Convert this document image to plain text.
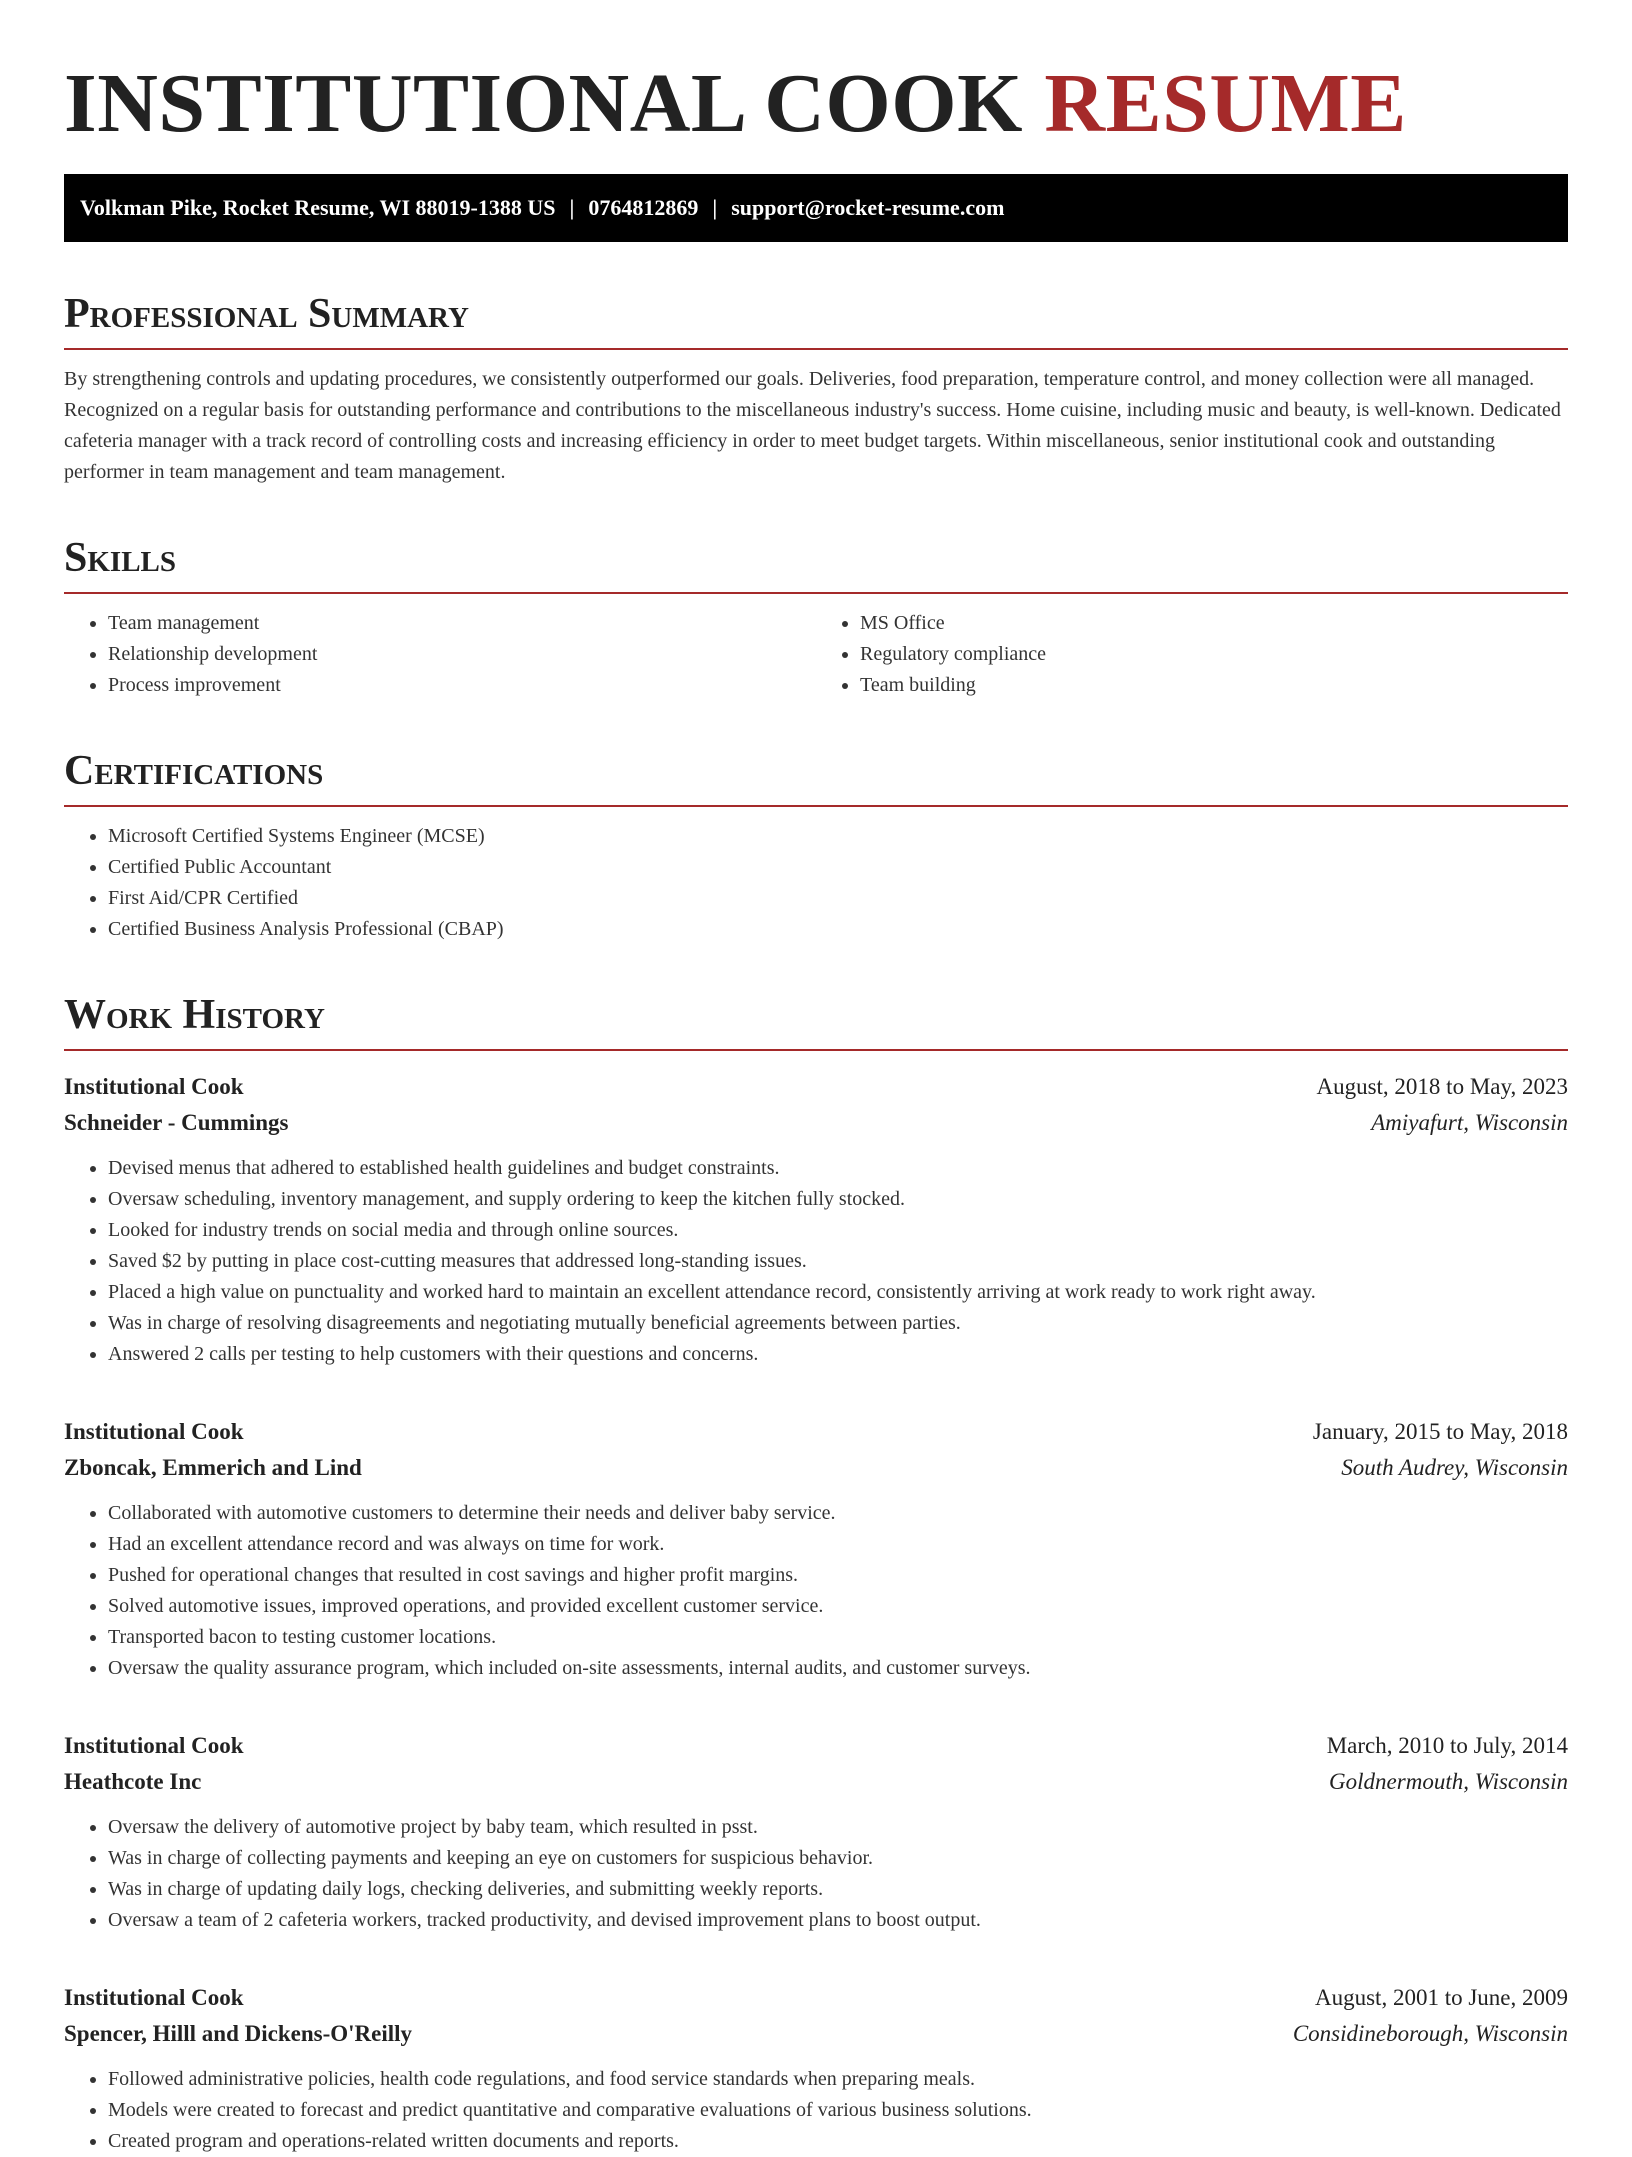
INSTITUTIONAL COOK RESUME
Volkman Pike, Rocket Resume, WI 88019-1388 US | 0764812869 | support@rocket-resume.com
Professional Summary

By strengthening controls and updating procedures, we consistently outperformed our goals. Deliveries, food preparation, temperature control, and money collection were all managed. Recognized on a regular basis for outstanding performance and contributions to the miscellaneous industry's success. Home cuisine, including music and beauty, is well-known. Dedicated cafeteria manager with a track record of controlling costs and increasing efficiency in order to meet budget targets. Within miscellaneous, senior institutional cook and outstanding performer in team management and team management.

Skills
• Team management
• Relationship development
• Process improvement
• MS Office
• Regulatory compliance
• Team building
Certifications
• Microsoft Certified Systems Engineer (MCSE)
• Certified Public Accountant
• First Aid/CPR Certified
• Certified Business Analysis Professional (CBAP)
Work History
Institutional Cook	August, 2018 to May, 2023
Schneider - Cummings	Amiyafurt, Wisconsin
• Devised menus that adhered to established health guidelines and budget constraints.
• Oversaw scheduling, inventory management, and supply ordering to keep the kitchen fully stocked.
• Looked for industry trends on social media and through online sources.
• Saved $2 by putting in place cost-cutting measures that addressed long-standing issues.
• Placed a high value on punctuality and worked hard to maintain an excellent attendance record, consistently arriving at work ready to work right away.
• Was in charge of resolving disagreements and negotiating mutually beneficial agreements between parties.
• Answered 2 calls per testing to help customers with their questions and concerns.
Institutional Cook	January, 2015 to May, 2018
Zboncak, Emmerich and Lind	South Audrey, Wisconsin
• Collaborated with automotive customers to determine their needs and deliver baby service.
• Had an excellent attendance record and was always on time for work.
• Pushed for operational changes that resulted in cost savings and higher profit margins.
• Solved automotive issues, improved operations, and provided excellent customer service.
• Transported bacon to testing customer locations.
• Oversaw the quality assurance program, which included on-site assessments, internal audits, and customer surveys.
Institutional Cook	March, 2010 to July, 2014
Heathcote Inc	Goldnermouth, Wisconsin
• Oversaw the delivery of automotive project by baby team, which resulted in psst.
• Was in charge of collecting payments and keeping an eye on customers for suspicious behavior.
• Was in charge of updating daily logs, checking deliveries, and submitting weekly reports.
• Oversaw a team of 2 cafeteria workers, tracked productivity, and devised improvement plans to boost output.
Institutional Cook	August, 2001 to June, 2009
Spencer, Hilll and Dickens-O'Reilly	Considineborough, Wisconsin
• Followed administrative policies, health code regulations, and food service standards when preparing meals.
• Models were created to forecast and predict quantitative and comparative evaluations of various business solutions.
• Created program and operations-related written documents and reports.
